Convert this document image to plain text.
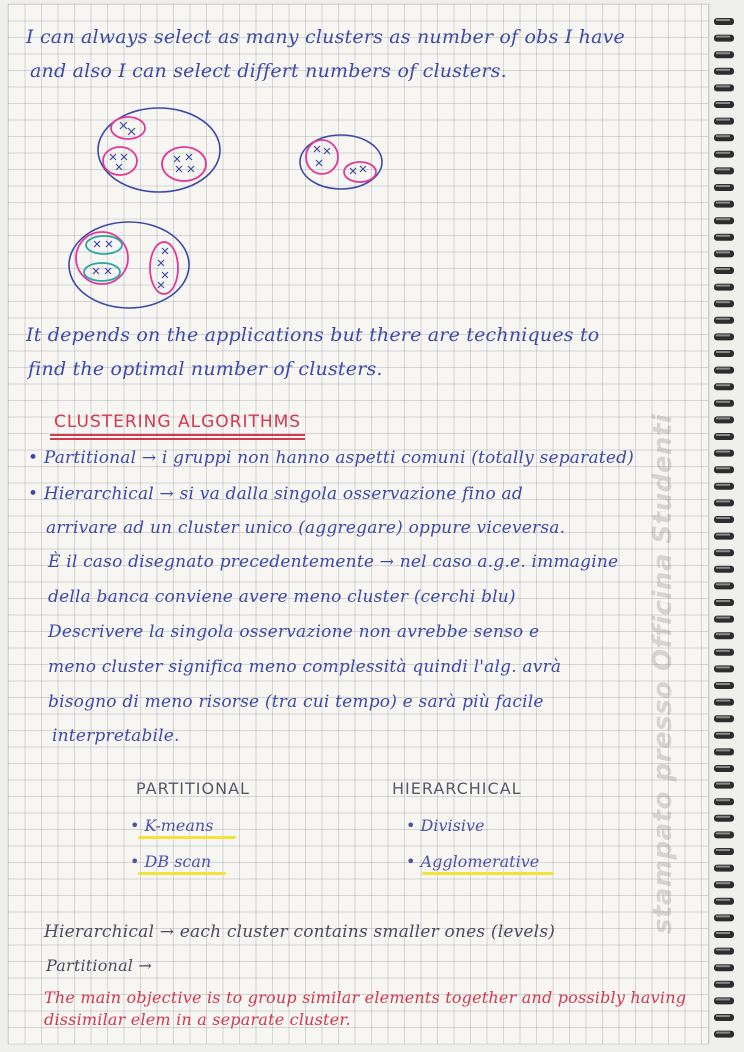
I can always select as many clusters as number of obs I have
and also I can select differt numbers of clusters.
It depends on the applications but there are techniques to
find the optimal number of clusters.
CLUSTERING ALGORITHMS
• Partitional → i gruppi non hanno aspetti comuni (totally separated)
• Hierarchical → si va dalla singola osservazione fino ad
arrivare ad un cluster unico (aggregare) oppure viceversa.
È il caso disegnato precedentemente → nel caso a.g.e. immagine
della banca conviene avere meno cluster (cerchi blu)
Descrivere la singola osservazione non avrebbe senso e
meno cluster significa meno complessità quindi l'alg. avrà
bisogno di meno risorse (tra cui tempo) e sarà più facile
interpretabile.
PARTITIONAL
• K-means
• DB scan
HIERARCHICAL
• Divisive
• Agglomerative
Hierarchical → each cluster contains smaller ones (levels)
Partitional →
The main objective is to group similar elements together and possibly having
dissimilar elem in a separate cluster.
stampato presso Officina Studenti
